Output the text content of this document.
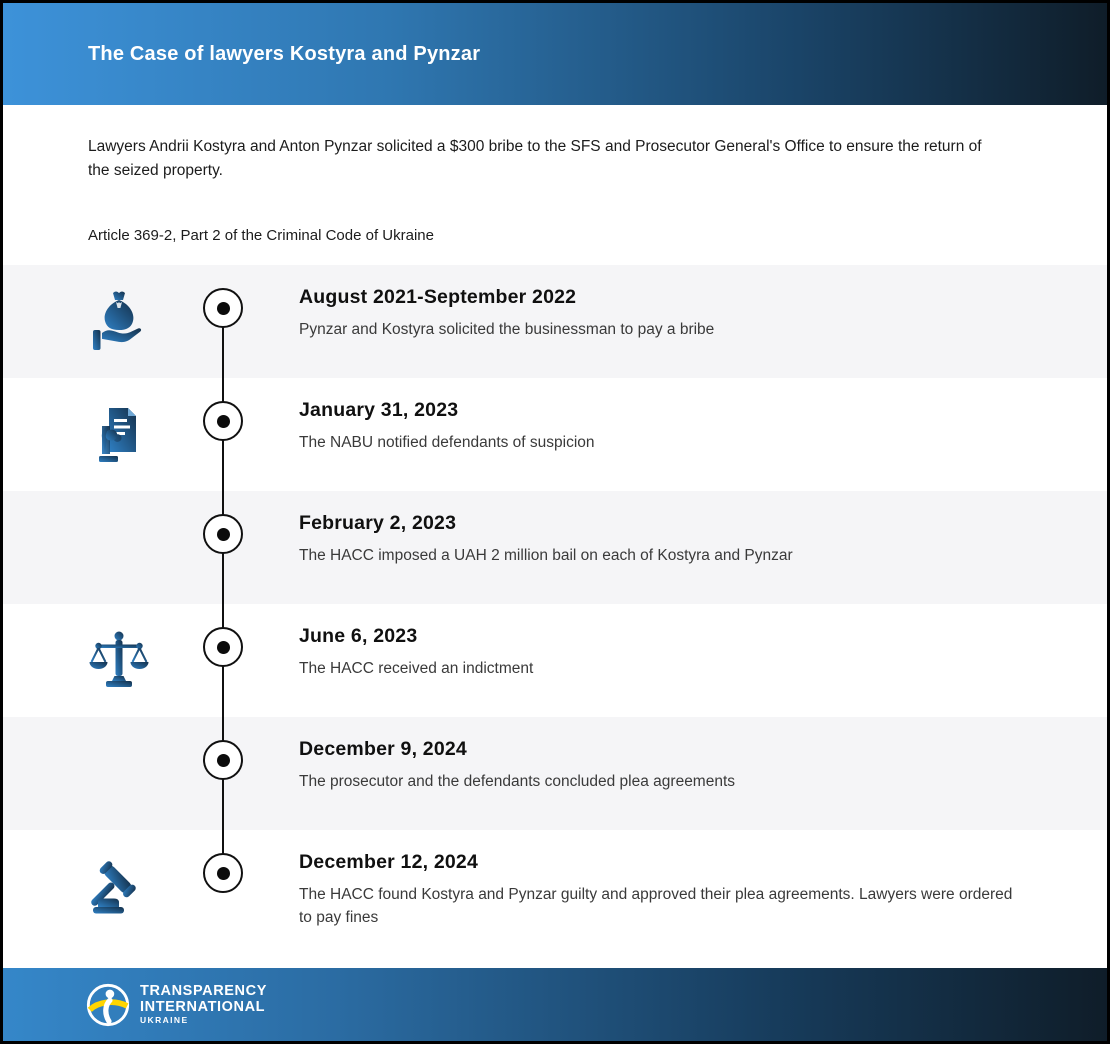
The Case of lawyers Kostyra and Pynzar

Lawyers Andrii Kostyra and Anton Pynzar solicited a $300 bribe to the SFS and Prosecutor General's Office to ensure the return of the seized property.

Article 369-2, Part 2 of the Criminal Code of Ukraine

August 2021-September 2022
Pynzar and Kostyra solicited the businessman to pay a bribe
January 31, 2023
The NABU notified defendants of suspicion
February 2, 2023
The HACC imposed a UAH 2 million bail on each of Kostyra and Pynzar
June 6, 2023
The HACC received an indictment
December 9, 2024
The prosecutor and the defendants concluded plea agreements
December 12, 2024
The HACC found Kostyra and Pynzar guilty and approved their plea agreements. Lawyers were ordered to pay fines
TRANSPARENCY
INTERNATIONAL
UKRAINE
